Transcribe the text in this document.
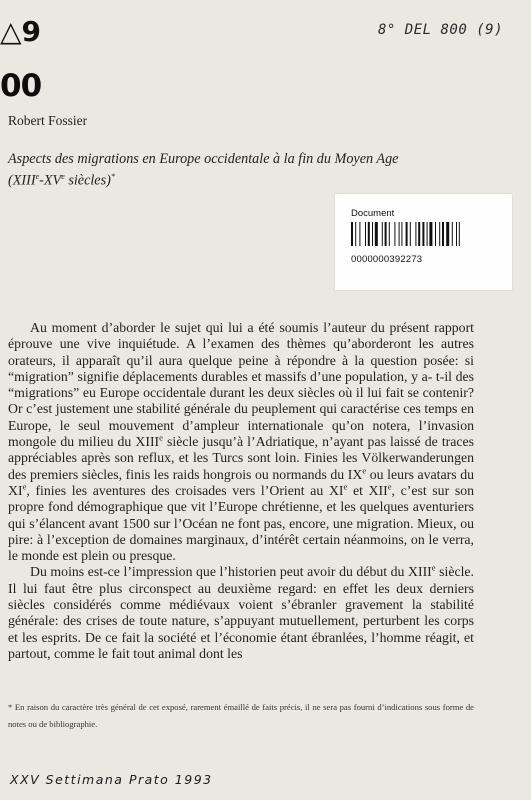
△9	8° DEL 800 (9)
00
Robert Fossier
Aspects des migrations en Europe occidentale à la fin du Moyen Age
(XIIIe-XVe siècles)*
Document
0000000392273

Au moment d’aborder le sujet qui lui a été soumis l’auteur du présent rapport éprouve une vive inquiétude. A l’examen des thèmes qu’aborderont les autres orateurs, il apparaît qu’il aura quelque peine à répondre à la question posée: si “migration” signifie déplacements durables et massifs d’une population, y a- t-il des “migrations” eu Europe occidentale durant les deux siècles où il lui fait se contenir? Or c’est justement une stabilité générale du peuplement qui caractérise ces temps en Europe, le seul mouvement d’ampleur internationale qu’on notera, l’invasion mongole du milieu du XIIIe siècle jusqu’à l’Adriatique, n’ayant pas laissé de traces appréciables après son reflux, et les Turcs sont loin. Finies les Völkerwanderungen des premiers siècles, finis les raids hongrois ou normands du IXe ou leurs avatars du XIe, finies les aventures des croisades vers l’Orient au XIe et XIIe, c’est sur son propre fond démographique que vit l’Europe chrétienne, et les quelques aventuriers qui s’élancent avant 1500 sur l’Océan ne font pas, encore, une migration. Mieux, ou pire: à l’exception de domaines marginaux, d’intérêt certain néanmoins, on le verra, le monde est plein ou presque.

Du moins est-ce l’impression que l’historien peut avoir du début du XIIIe siècle. Il lui faut être plus circonspect au deuxième regard: en effet les deux derniers siècles considérés comme médiévaux voient s’ébranler gravement la stabilité générale: des crises de toute nature, s’appuyant mutuellement, perturbent les corps et les esprits. De ce fait la société et l’économie étant ébranlées, l’homme réagit, et partout, comme le fait tout animal dont les

* En raison du caractère très général de cet exposé, rarement émaillé de faits précis, il ne sera pas fourni d’indications sous forme de notes ou de bibliographie.
XXV Settimana Prato 1993
